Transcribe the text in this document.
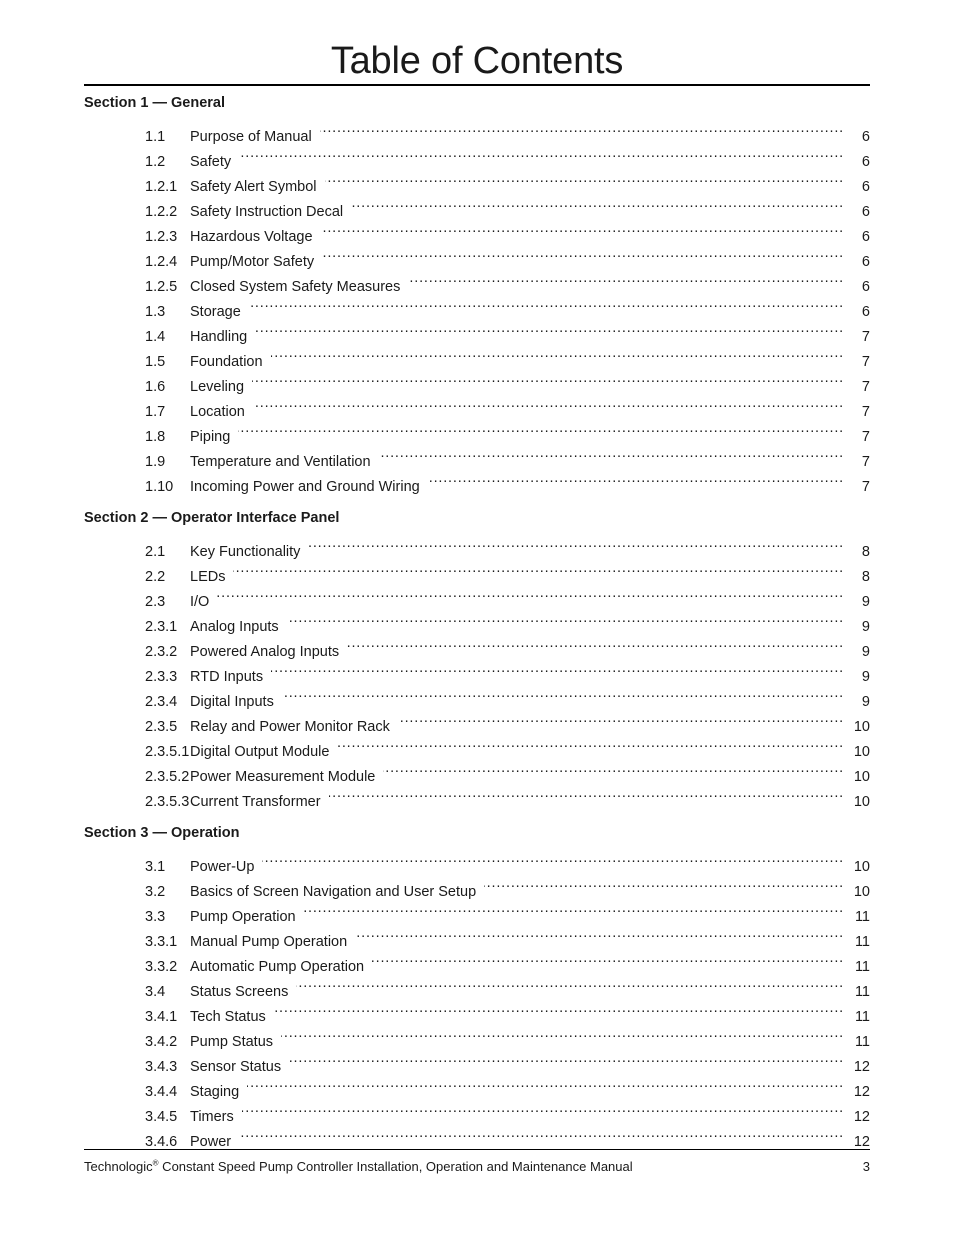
Table of Contents
Section 1 — General
1.1	Purpose of Manual .....	6
1.2	Safety .....	6
1.2.1 Safety Alert Symbol .....	6
1.2.2 Safety Instruction Decal .....	6
1.2.3 Hazardous Voltage .....	6
1.2.4 Pump/Motor Safety .....	6
1.2.5 Closed System Safety Measures .....	6
1.3	Storage .....	6
1.4	Handling .....	7
1.5	Foundation .....	7
1.6	Leveling .....	7
1.7	Location .....	7
1.8	Piping .....	7
1.9	Temperature and Ventilation .....	7
1.10	Incoming Power and Ground Wiring .....	7
Section 2 — Operator Interface Panel
2.1	Key Functionality .....	8
2.2	LEDs .....	8
2.3	I/O .....	9
2.3.1 Analog Inputs .....	9
2.3.2 Powered Analog Inputs .....	9
2.3.3 RTD Inputs .....	9
2.3.4 Digital Inputs .....	9
2.3.5 Relay and Power Monitor Rack .....	10
2.3.5.1 Digital Output Module .....	10
2.3.5.2 Power Measurement Module .....	10
2.3.5.3 Current Transformer .....	10
Section 3 — Operation
3.1	Power-Up .....	10
3.2	Basics of Screen Navigation and User Setup .....	10
3.3	Pump Operation .....	11
3.3.1 Manual Pump Operation .....	11
3.3.2 Automatic Pump Operation .....	11
3.4	Status Screens .....	11
3.4.1 Tech Status .....	11
3.4.2 Pump Status .....	11
3.4.3 Sensor Status .....	12
3.4.4 Staging .....	12
3.4.5 Timers .....	12
3.4.6 Power .....	12
Technologic® Constant Speed Pump Controller Installation, Operation and Maintenance Manual	3
